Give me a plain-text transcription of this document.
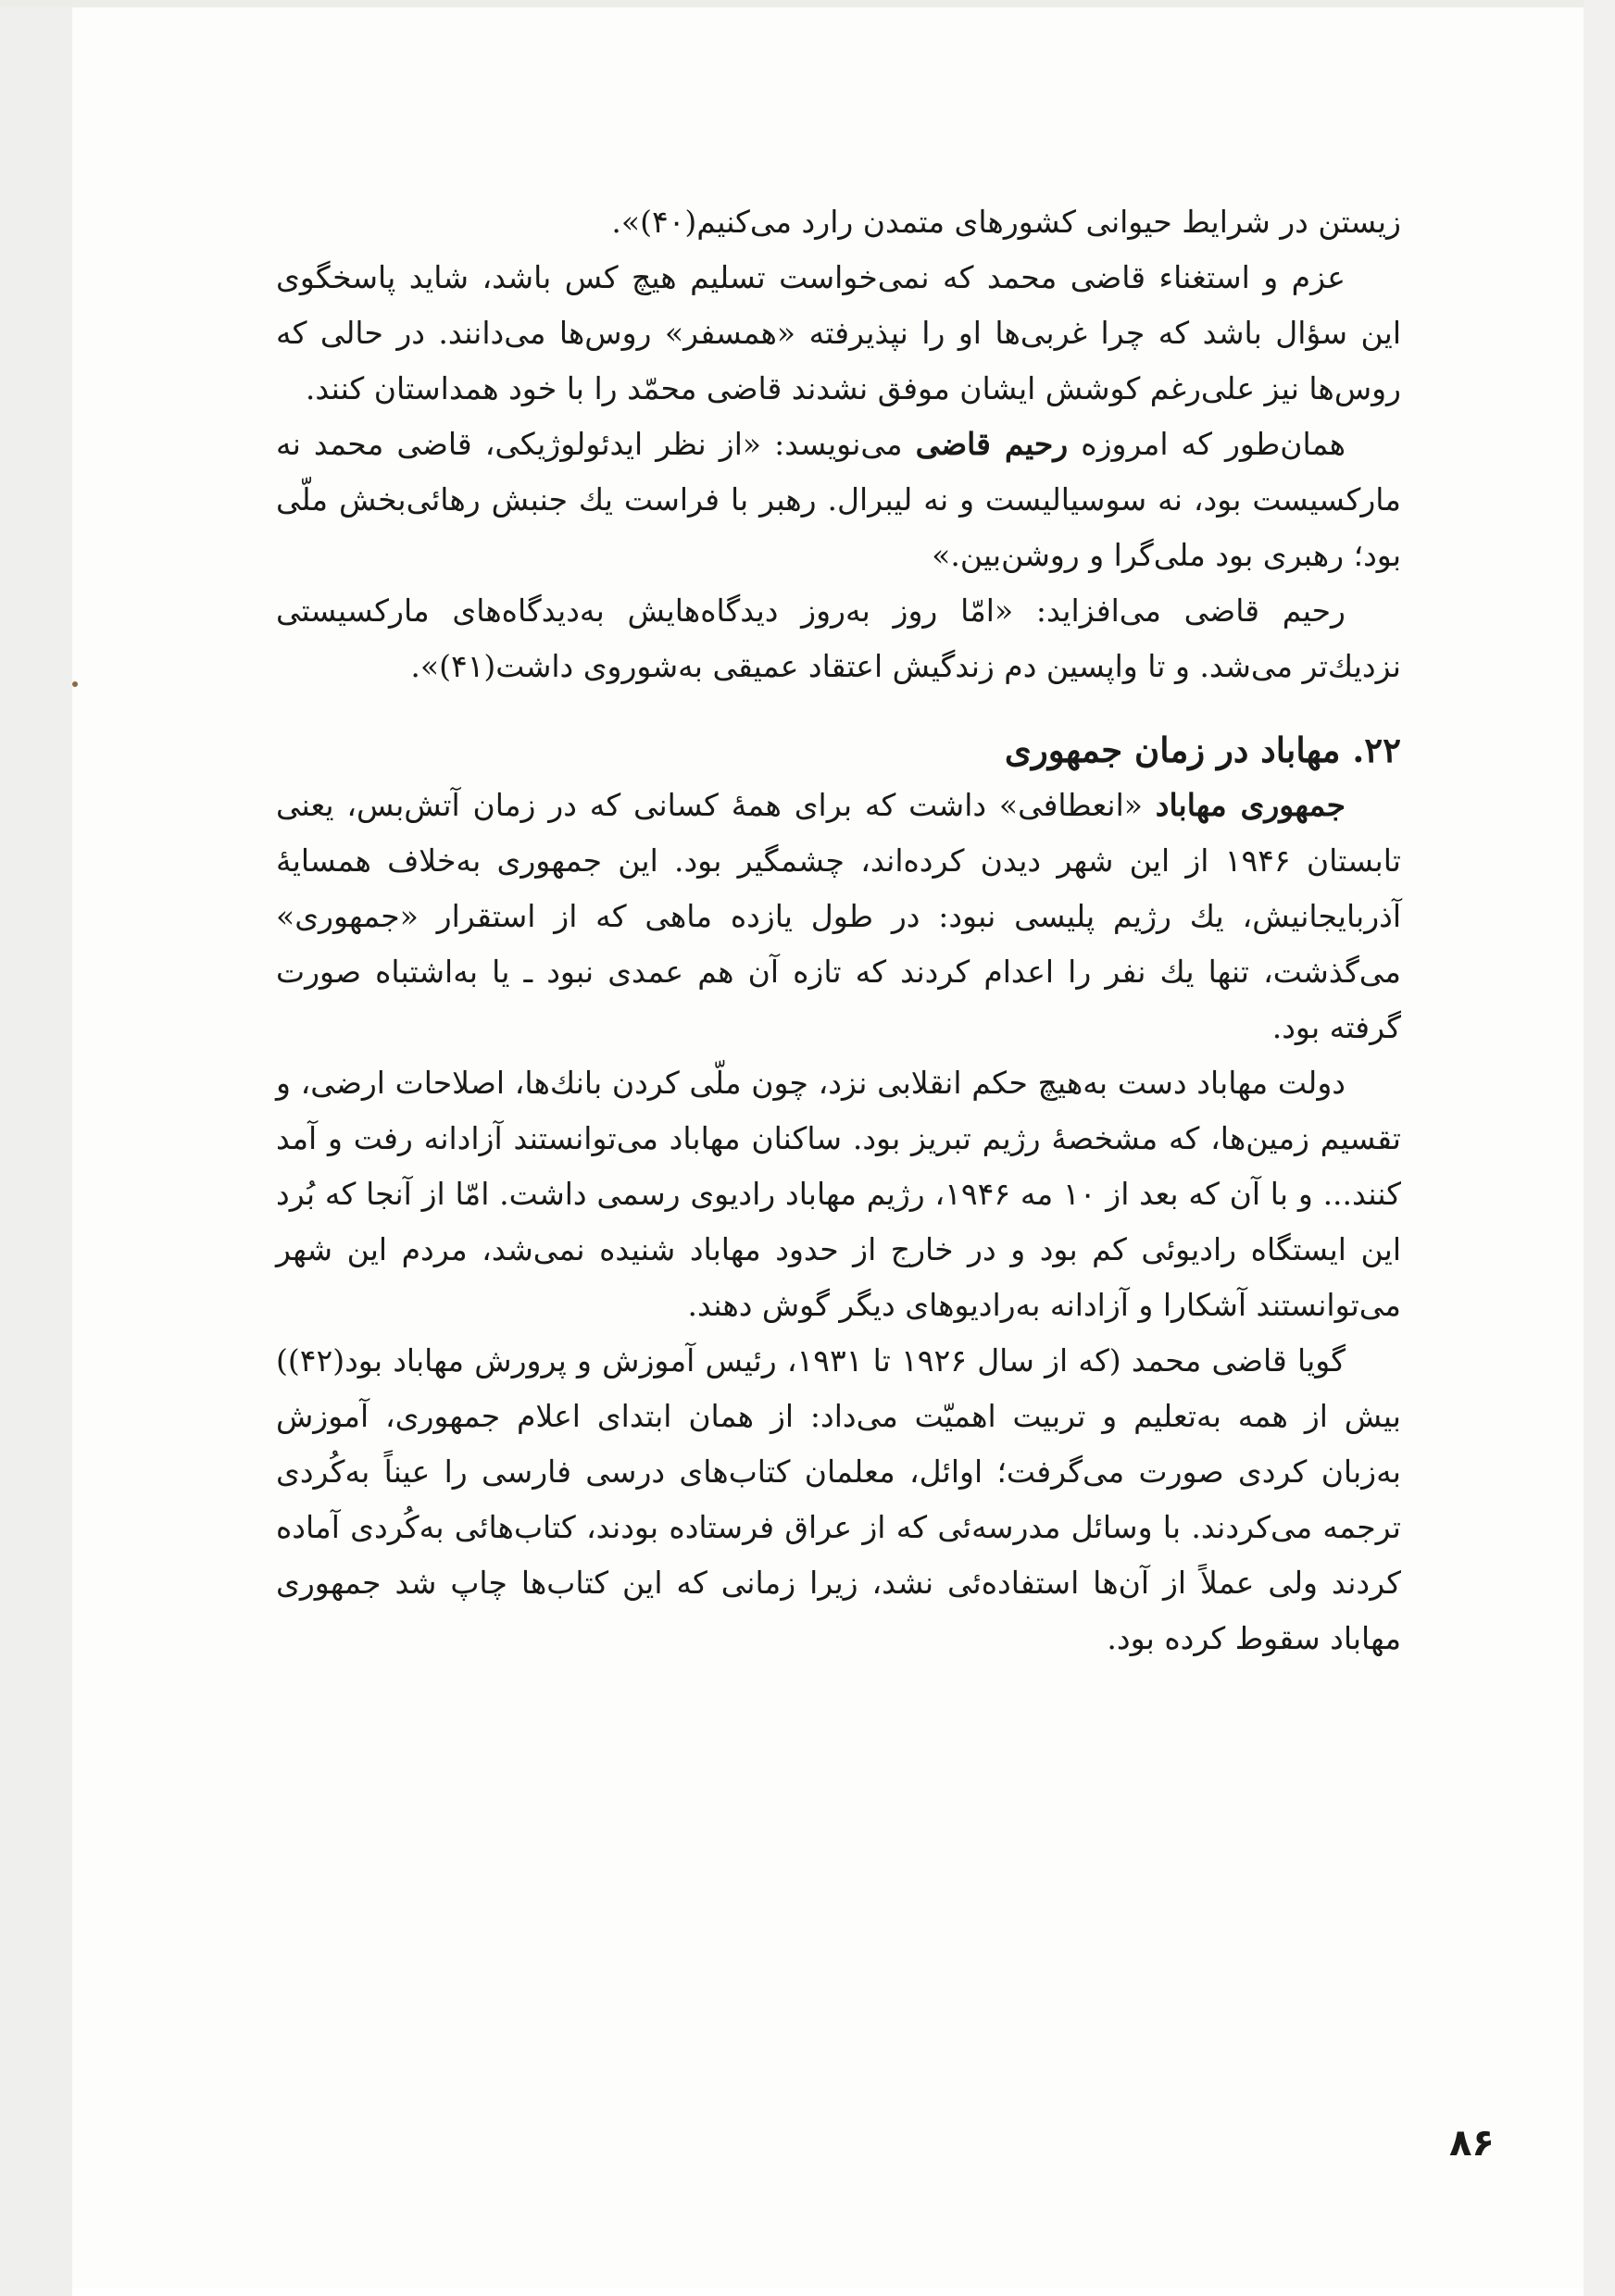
زیستن در شرایط حیوانی کشورهای متمدن رارد می‌کنیم(۴۰)».

عزم و استغناء قاضی محمد که نمی‌خواست تسلیم هیچ کس باشد، شاید پاسخگوی این سؤال باشد که چرا غربی‌ها او را نپذیرفته «همسفر» روس‌ها می‌دانند. در حالی که روس‌ها نیز علی‌رغم کوشش ایشان موفق نشدند قاضی محمّد را با خود همداستان کنند.

همان‌طور که امروزه رحیم قاضی می‌نویسد: «از نظر ایدئولوژیکی، قاضی محمد نه مارکسیست بود، نه سوسیالیست و نه لیبرال. رهبر با فراست یك جنبش رهائی‌بخش ملّی بود؛ رهبری بود ملی‌گرا و روشن‌بین.»

رحیم قاضی می‌افزاید: «امّا روز به‌روز دیدگاه‌هایش به‌دیدگاه‌های مارکسیستی نزدیك‌تر می‌شد. و تا واپسین دم زندگیش اعتقاد عمیقی به‌شوروی داشت(۴۱)».

۲۲. مهاباد در زمان جمهوری

جمهوری مهاباد «انعطافی» داشت که برای همهٔ کسانی که در زمان آتش‌بس، یعنی تابستان ۱۹۴۶ از این شهر دیدن کرده‌اند، چشمگیر بود. این جمهوری به‌خلاف همسایهٔ آذربایجانیش، یك رژیم پلیسی نبود: در طول یازده ماهی که از استقرار «جمهوری» می‌گذشت، تنها یك نفر را اعدام کردند که تازه آن هم عمدی نبود ـ یا به‌اشتباه صورت گرفته بود.

دولت مهاباد دست به‌هیچ حکم انقلابی نزد، چون ملّی کردن بانك‌ها، اصلاحات ارضی، و تقسیم زمین‌ها، که مشخصهٔ رژیم تبریز بود. ساکنان مهاباد می‌توانستند آزادانه رفت و آمد کنند... و با آن که بعد از ۱۰ مه ۱۹۴۶، رژیم مهاباد رادیوی رسمی داشت. امّا از آنجا که بُرد این ایستگاه رادیوئی کم بود و در خارج از حدود مهاباد شنیده نمی‌شد، مردم این شهر می‌توانستند آشکارا و آزادانه به‌رادیوهای دیگر گوش دهند.

گویا قاضی محمد (که از سال ۱۹۲۶ تا ۱۹۳۱، رئیس آموزش و پرورش مهاباد بود(۴۲)) بیش از همه به‌تعلیم و تربیت اهمیّت می‌داد: از همان ابتدای اعلام جمهوری، آموزش به‌زبان کردی صورت می‌گرفت؛ اوائل، معلمان کتاب‌های درسی فارسی را عیناً به‌کُردی ترجمه می‌کردند. با وسائل مدرسه‌ئی که از عراق فرستاده بودند، کتاب‌هائی به‌کُردی آماده کردند ولی عملاً از آن‌ها استفاده‌ئی نشد، زیرا زمانی که این کتاب‌ها چاپ شد جمهوری مهاباد سقوط کرده بود.

۸۶
